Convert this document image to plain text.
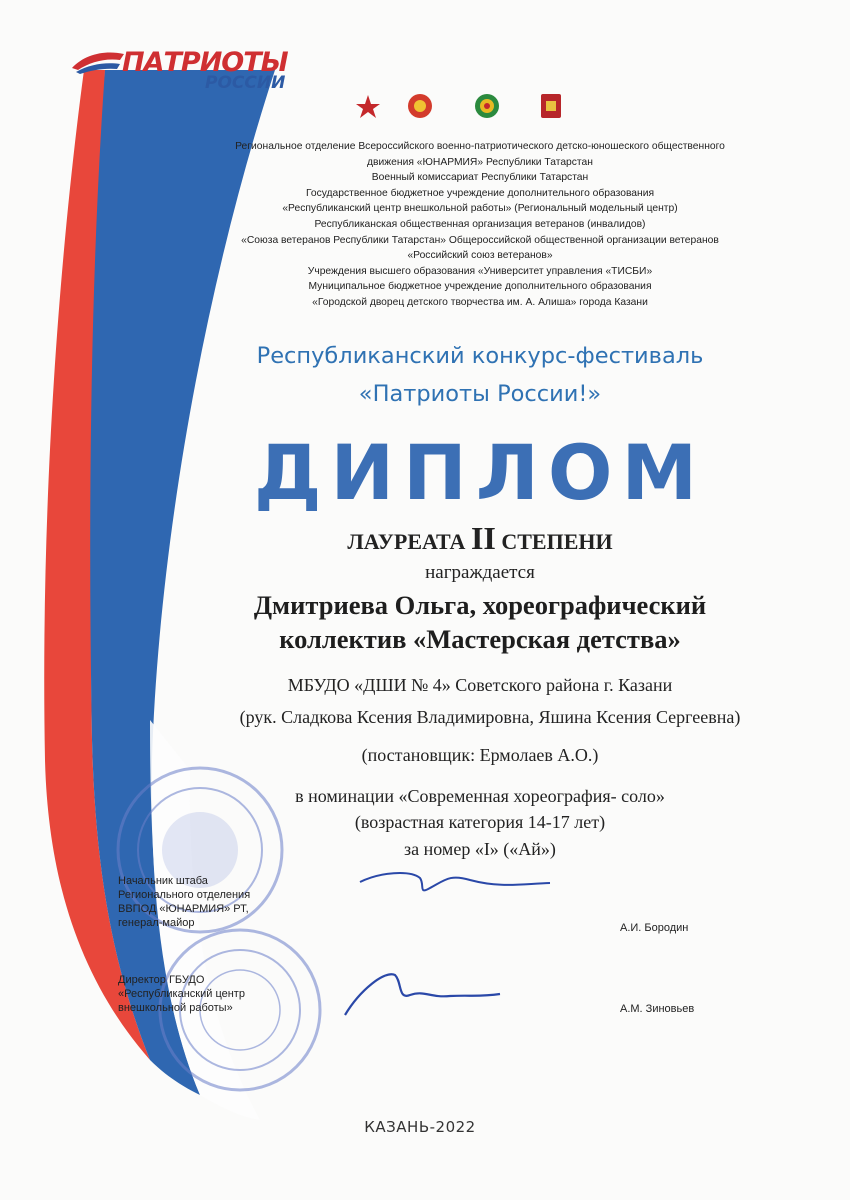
ПАТРИОТЫ
РОССИИ
Региональное отделение Всероссийского военно-патриотического детско-юношеского общественного
движения «ЮНАРМИЯ» Республики Татарстан
Военный комиссариат Республики Татарстан
Государственное бюджетное учреждение дополнительного образования
«Республиканский центр внешкольной работы» (Региональный модельный центр)
Республиканская общественная организация ветеранов (инвалидов)
«Союза ветеранов Республики Татарстан» Общероссийской общественной организации ветеранов
«Российский союз ветеранов»
Учреждения высшего образования «Университет управления «ТИСБИ»
Муниципальное бюджетное учреждение дополнительного образования
«Городской дворец детского творчества им. А. Алиша» города Казани
Республиканский конкурс-фестиваль
«Патриоты России!»
ДИПЛОМ
ЛАУРЕАТА II СТЕПЕНИ
награждается
Дмитриева Ольга, хореографический
коллектив «Мастерская детства»
МБУДО «ДШИ № 4» Советского района г. Казани
(рук. Сладкова Ксения Владимировна, Яшина Ксения Сергеевна)
(постановщик: Ермолаев А.О.)
в номинации «Современная хореография- соло»
(возрастная категория 14-17 лет)
за номер «I» («Ай»)
Начальник штаба
Регионального отделения
ВВПОД «ЮНАРМИЯ» РТ,
генерал-майор	А.И. Бородин
Директор ГБУДО
«Республиканский центр
внешкольной работы»	А.М. Зиновьев
КАЗАНЬ-2022
